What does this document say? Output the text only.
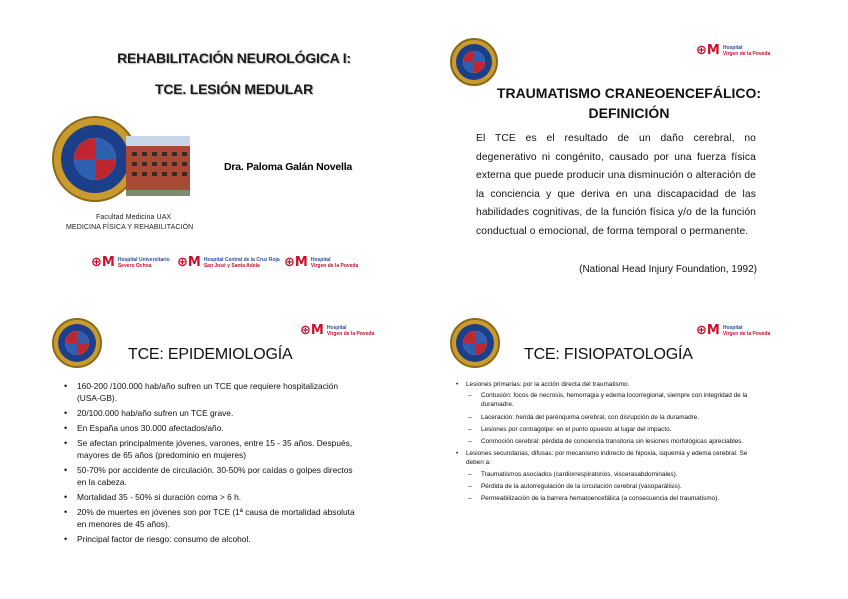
REHABILITACIÓN NEUROLÓGICA I:
TCE. LESIÓN MEDULAR
Dra. Paloma Galán Novella
Facultad Medicina UAX
MEDICINA FÍSICA Y REHABILITACIÓN
⊕M Hospital Universitario
Severo Ochoa	⊕M Hospital Central de la Cruz Roja
San José y Santa Adela	⊕M Hospital
Virgen de la Poveda
⊕M Hospital
Virgen de la Poveda
TRAUMATISMO CRANEOENCEFÁLICO:
DEFINICIÓN
El TCE es el resultado de un daño cerebral, no degenerativo ni congénito, causado por una fuerza física externa que puede producir una disminución o alteración de la conciencia y que deriva en una discapacidad de las habilidades cognitivas, de la función física y/o de la función conductual o emocional, de forma temporal o permanente.
(National Head Injury Foundation, 1992)
⊕M Hospital
Virgen de la Poveda
TCE: EPIDEMIOLOGÍA
• 160-200 /100.000 hab/año sufren un TCE que requiere hospitalización (USA-GB).
• 20/100.000 hab/año sufren un TCE grave.
• En España unos 30.000 afectados/año.
• Se afectan principalmente jóvenes, varones, entre 15 - 35 años. Después, mayores de 65 años (predominio en mujeres)
• 50-70% por accidente de circulación. 30-50% por caídas o golpes directos en la cabeza.
• Mortalidad 35 - 50% si duración coma > 6 h.
• 20% de muertes en jóvenes son por TCE (1ª causa de mortalidad absoluta en menores de 45 años).
• Principal factor de riesgo: consumo de alcohol.
⊕M Hospital
Virgen de la Poveda
TCE: FISIOPATOLOGÍA
• Lesiones primarias: por la acción directa del traumatismo.
– Contusión: focos de necrosis, hemorragia y edema locorregional, siempre con integridad de la duramadre.
– Laceración: herida del parénquima cerebral, con disrupción de la duramadre.
– Lesiones por contragolpe: en el punto opuesto al lugar del impacto.
– Conmoción cerebral: pérdida de conciencia transitoria sin lesiones morfológicas apreciables.
• Lesiones secundarias, difusas: por mecanismo indirecto de hipoxia, isquemia y edema cerebral. Se deben a:
– Traumatismos asociados (cardiorrespiratorios, viscerasabdominales).
– Pérdida de la autorregulación de la circulación cerebral (vasoparálisis).
– Permeabilización de la barrera hematoencefálica (a consecuencia del traumatismo).
